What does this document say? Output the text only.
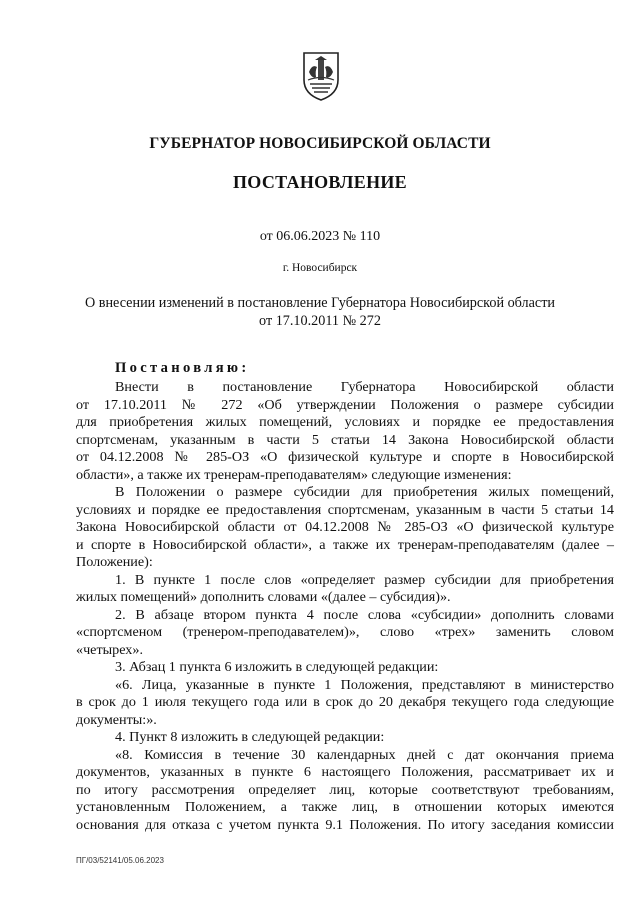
ГУБЕРНАТОР НОВОСИБИРСКОЙ ОБЛАСТИ
ПОСТАНОВЛЕНИЕ
от 06.06.2023 № 110
г. Новосибирск
О внесении изменений в постановление Губернатора Новосибирской области
от 17.10.2011 № 272
Постановляю:

Внести в постановление Губернатора Новосибирской области

от 17.10.2011 № 272 «Об утверждении Положения о размере субсидии

для приобретения жилых помещений, условиях и порядке ее предоставления

спортсменам, указанным в части 5 статьи 14 Закона Новосибирской области

от 04.12.2008 № 285-ОЗ «О физической культуре и спорте в Новосибирской

области», а также их тренерам-преподавателям» следующие изменения:

В Положении о размере субсидии для приобретения жилых помещений,

условиях и порядке ее предоставления спортсменам, указанным в части 5 статьи 14

Закона Новосибирской области от 04.12.2008 № 285-ОЗ «О физической культуре

и спорте в Новосибирской области», а также их тренерам-преподавателям (далее –

Положение):

1. В пункте 1 после слов «определяет размер субсидии для приобретения

жилых помещений» дополнить словами «(далее – субсидия)».

2. В абзаце втором пункта 4 после слова «субсидии» дополнить словами

«спортсменом (тренером-преподавателем)», слово «трех» заменить словом

«четырех».

3. Абзац 1 пункта 6 изложить в следующей редакции:

«6. Лица, указанные в пункте 1 Положения, представляют в министерство

в срок до 1 июля текущего года или в срок до 20 декабря текущего года следующие

документы:».

4. Пункт 8 изложить в следующей редакции:

«8. Комиссия в течение 30 календарных дней с дат окончания приема

документов, указанных в пункте 6 настоящего Положения, рассматривает их и

по итогу рассмотрения определяет лиц, которые соответствуют требованиям,

установленным Положением, а также лиц, в отношении которых имеются

основания для отказа с учетом пункта 9.1 Положения. По итогу заседания комиссии

ПГ/03/52141/05.06.2023
